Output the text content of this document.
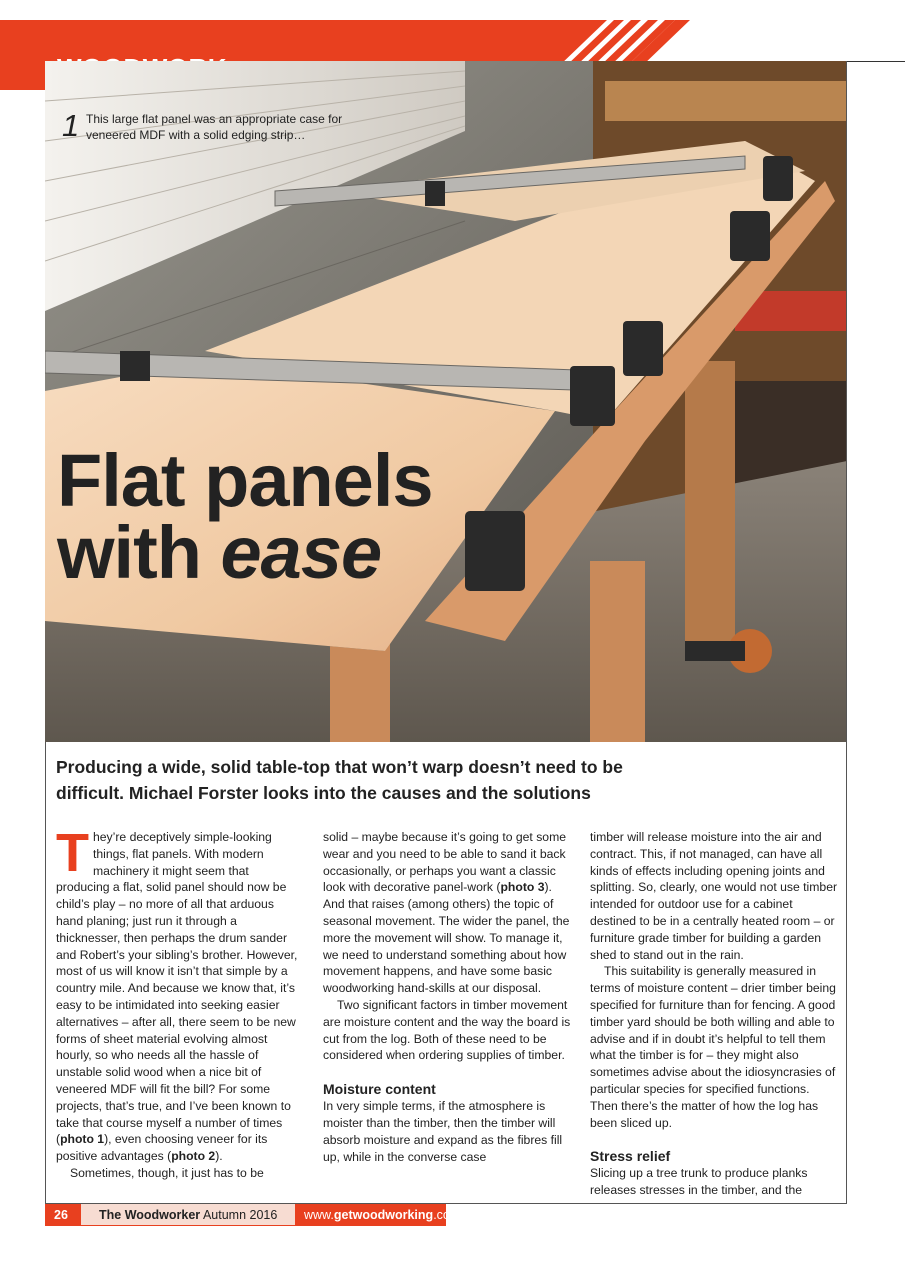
1 This large flat panel was an appropriate case for veneered MDF with a solid edging strip…
Flat panels
with ease
Producing a wide, solid table-top that won’t warp doesn’t need to be difficult. Michael Forster looks into the causes and the solutions

They’re deceptively simple-looking things, flat panels. With modern machinery it might seem that producing a flat, solid panel should now be child’s play – no more of all that arduous hand planing; just run it through a thicknesser, then perhaps the drum sander and Robert’s your sibling’s brother. However, most of us will know it isn’t that simple by a country mile. And because we know that, it’s easy to be intimidated into seeking easier alternatives – after all, there seem to be new forms of sheet material evolving almost hourly, so who needs all the hassle of unstable solid wood when a nice bit of veneered MDF will fit the bill? For some projects, that’s true, and I’ve been known to take that course myself a number of times (photo 1), even choosing veneer for its positive advantages (photo 2).

Sometimes, though, it just has to be

solid – maybe because it’s going to get some wear and you need to be able to sand it back occasionally, or perhaps you want a classic look with decorative panel-work (photo 3). And that raises (among others) the topic of seasonal movement. The wider the panel, the more the movement will show. To manage it, we need to understand something about how movement happens, and have some basic woodworking hand-skills at our disposal.

Two significant factors in timber movement are moisture content and the way the board is cut from the log. Both of these need to be considered when ordering supplies of timber.

Moisture content

In very simple terms, if the atmosphere is moister than the timber, then the timber will absorb moisture and expand as the fibres fill up, while in the converse case

timber will release moisture into the air and contract. This, if not managed, can have all kinds of effects including opening joints and splitting. So, clearly, one would not use timber intended for outdoor use for a cabinet destined to be in a centrally heated room – or furniture grade timber for building a garden shed to stand out in the rain.

This suitability is generally measured in terms of moisture content – drier timber being specified for furniture than for fencing. A good timber yard should be both willing and able to advise and if in doubt it’s helpful to tell them what the timber is for – they might also sometimes advise about the idiosyncrasies of particular species for specified functions. Then there’s the matter of how the log has been sliced up.

Stress relief

Slicing up a tree trunk to produce planks releases stresses in the timber, and the

26	The Woodworker Autumn 2016	www.getwoodworking.com
